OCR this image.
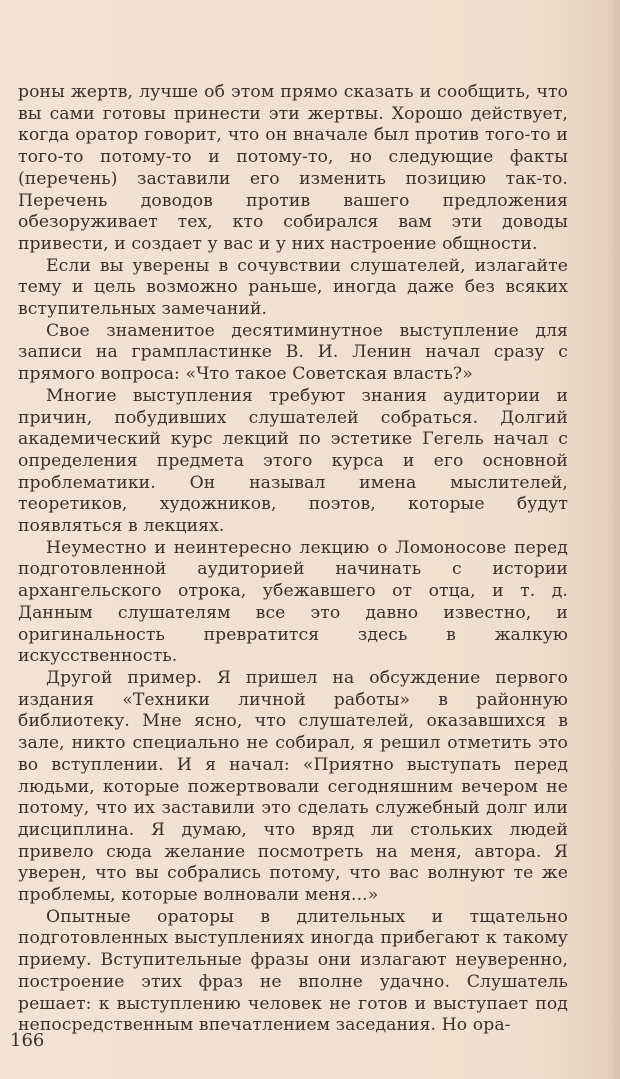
роны жертв, лучше об этом прямо сказать и сообщить, что вы сами готовы принести эти жертвы. Хорошо действует, когда оратор говорит, что он вначале был против того-то и того-то потому-то и потому-то, но следующие факты (перечень) заставили его изменить позицию так-то. Перечень доводов против вашего предложения обезоруживает тех, кто собирался вам эти доводы привести, и создает у вас и у них настроение общности.

Если вы уверены в сочувствии слушателей, излагайте тему и цель возможно раньше, иногда даже без всяких вступительных замечаний.

Свое знаменитое десятиминутное выступление для записи на грампластинке В. И. Ленин начал сразу с прямого вопроса: «Что такое Советская власть?»

Многие выступления требуют знания аудитории и причин, побудивших слушателей собраться. Долгий академический курс лекций по эстетике Гегель начал с определения предмета этого курса и его основной проблематики. Он называл имена мыслителей, теоретиков, художников, поэтов, которые будут появляться в лекциях.

Неуместно и неинтересно лекцию о Ломоносове перед подготовленной аудиторией начинать с истории архангельского отрока, убежавшего от отца, и т. д. Данным слушателям все это давно известно, и оригинальность превратится здесь в жалкую искусственность.

Другой пример. Я пришел на обсуждение первого издания «Техники личной работы» в районную библиотеку. Мне ясно, что слушателей, оказавшихся в зале, никто специально не собирал, я решил отметить это во вступлении. И я начал: «Приятно выступать перед людьми, которые пожертвовали сегодняшним вечером не потому, что их заставили это сделать служебный долг или дисциплина. Я думаю, что вряд ли стольких людей привело сюда желание посмотреть на меня, автора. Я уверен, что вы собрались потому, что вас волнуют те же проблемы, которые волновали меня...»

Опытные ораторы в длительных и тщательно подготовленных выступлениях иногда прибегают к такому приему. Вступительные фразы они излагают неуверенно, построение этих фраз не вполне удачно. Слушатель решает: к выступлению человек не готов и выступает под непосредственным впечатлением заседания. Но ора-

166
